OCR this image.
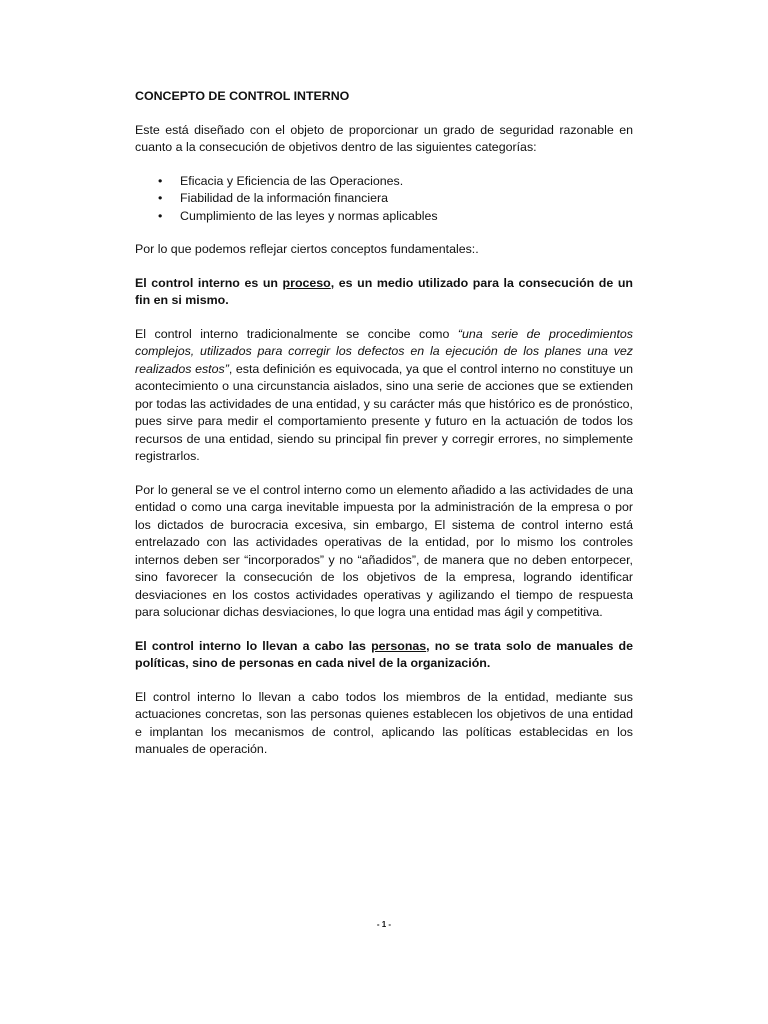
CONCEPTO DE CONTROL INTERNO

Este está diseñado con el objeto de proporcionar un grado de seguridad razonable en cuanto a la consecución de objetivos dentro de las siguientes categorías:

• Eficacia y Eficiencia de las Operaciones.
• Fiabilidad de la información financiera
• Cumplimiento de las leyes y normas aplicables

Por lo que podemos reflejar ciertos conceptos fundamentales:.

El control interno es un proceso, es un medio utilizado para la consecución de un fin en si mismo.

El control interno tradicionalmente se concibe como “una serie de procedimientos complejos, utilizados para corregir los defectos en la ejecución de los planes una vez realizados estos”, esta definición es equivocada, ya que el control interno no constituye un acontecimiento o una circunstancia aislados, sino una serie de acciones que se extienden por todas las actividades de una entidad, y su carácter más que histórico es de pronóstico, pues sirve para medir el comportamiento presente y futuro en la actuación de todos los recursos de una entidad, siendo su principal fin prever y corregir errores, no simplemente registrarlos.

Por lo general se ve el control interno como un elemento añadido a las actividades de una entidad o como una carga inevitable impuesta por la administración de la empresa o por los dictados de burocracia excesiva, sin embargo, El sistema de control interno está entrelazado con las actividades operativas de la entidad, por lo mismo los controles internos deben ser “incorporados” y no “añadidos”, de manera que no deben entorpecer, sino favorecer la consecución de los objetivos de la empresa, logrando identificar desviaciones en los costos actividades operativas y agilizando el tiempo de respuesta para solucionar dichas desviaciones, lo que logra una entidad mas ágil y competitiva.

El control interno lo llevan a cabo las personas, no se trata solo de manuales de políticas, sino de personas en cada nivel de la organización.

El control interno lo llevan a cabo todos los miembros de la entidad, mediante sus actuaciones concretas, son las personas quienes establecen los objetivos de una entidad e implantan los mecanismos de control, aplicando las políticas establecidas en los manuales de operación.

- 1 -
